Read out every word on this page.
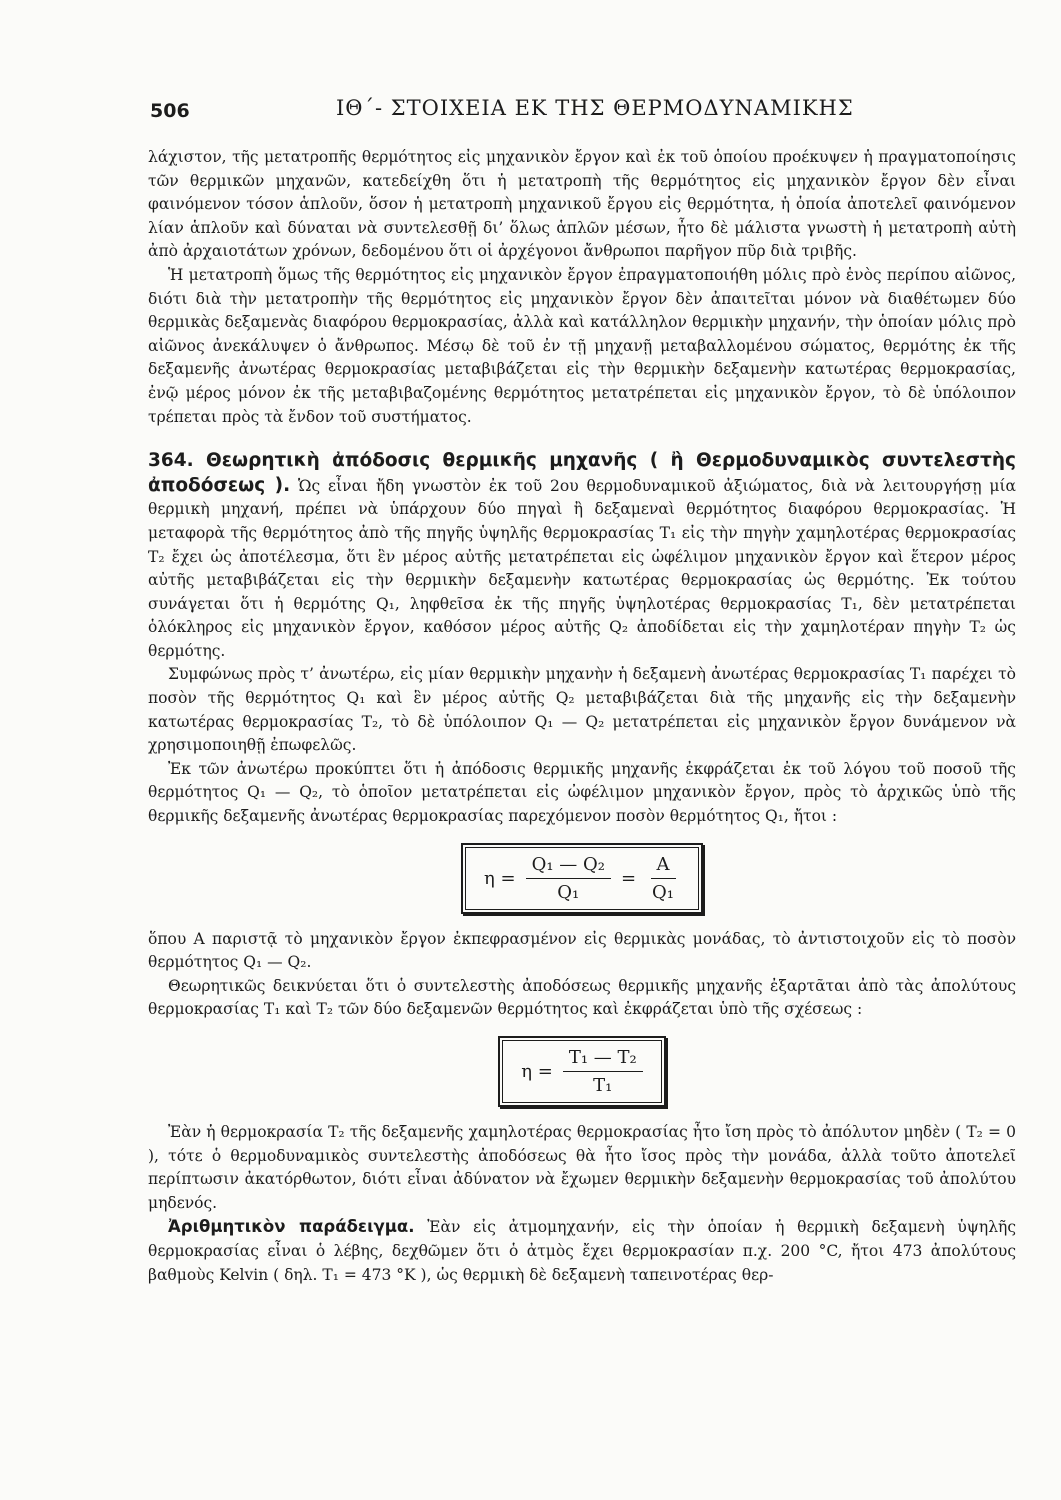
506	ΙΘ΄- ΣΤΟΙΧΕΙΑ ΕΚ ΤΗΣ ΘΕΡΜΟΔΥΝΑΜΙΚΗΣ

λάχιστον, τῆς μετατροπῆς θερμότητος εἰς μηχανικὸν ἔργον καὶ ἐκ τοῦ ὁποίου προέκυψεν ἡ πραγματοποίησις τῶν θερμικῶν μηχανῶν, κατεδείχθη ὅτι ἡ μετατροπὴ τῆς θερμότητος εἰς μηχανικὸν ἔργον δὲν εἶναι φαινόμενον τόσον ἁπλοῦν, ὅσον ἡ μετατροπὴ μηχανικοῦ ἔργου εἰς θερμότητα, ἡ ὁποία ἀποτελεῖ φαινόμενον λίαν ἁπλοῦν καὶ δύναται νὰ συντελεσθῇ δι’ ὅλως ἁπλῶν μέσων, ἦτο δὲ μάλιστα γνωστὴ ἡ μετατροπὴ αὐτὴ ἀπὸ ἀρχαιοτάτων χρόνων, δεδομένου ὅτι οἱ ἀρχέγονοι ἄνθρωποι παρῆγον πῦρ διὰ τριβῆς.

Ἡ μετατροπὴ ὅμως τῆς θερμότητος εἰς μηχανικὸν ἔργον ἐπραγματοποιήθη μόλις πρὸ ἑνὸς περίπου αἰῶνος, διότι διὰ τὴν μετατροπὴν τῆς θερμότητος εἰς μηχανικὸν ἔργον δὲν ἀπαιτεῖται μόνον νὰ διαθέτωμεν δύο θερμικὰς δεξαμενὰς διαφόρου θερμοκρασίας, ἀλλὰ καὶ κατάλληλον θερμικὴν μηχανήν, τὴν ὁποίαν μόλις πρὸ αἰῶνος ἀνεκάλυψεν ὁ ἄνθρωπος. Μέσῳ δὲ τοῦ ἐν τῇ μηχανῇ μεταβαλλομένου σώματος, θερμότης ἐκ τῆς δεξαμενῆς ἀνωτέρας θερμοκρασίας μεταβιβάζεται εἰς τὴν θερμικὴν δεξαμενὴν κατωτέρας θερμοκρασίας, ἐνῷ μέρος μόνον ἐκ τῆς μεταβιβαζομένης θερμότητος μετατρέπεται εἰς μηχανικὸν ἔργον, τὸ δὲ ὑπόλοιπον τρέπεται πρὸς τὰ ἔνδον τοῦ συστήματος.

364. Θεωρητικὴ ἀπόδοσις θερμικῆς μηχανῆς ( ἢ Θερμοδυναμικὸς συντελεστὴς ἀποδόσεως ). Ὡς εἶναι ἤδη γνωστὸν ἐκ τοῦ 2ου θερμοδυναμικοῦ ἀξιώματος, διὰ νὰ λειτουργήσῃ μία θερμικὴ μηχανή, πρέπει νὰ ὑπάρχουν δύο πηγαὶ ἢ δεξαμεναὶ θερμότητος διαφόρου θερμοκρασίας. Ἡ μεταφορὰ τῆς θερμότητος ἀπὸ τῆς πηγῆς ὑψηλῆς θερμοκρασίας T₁ εἰς τὴν πηγὴν χαμηλοτέρας θερμοκρασίας T₂ ἔχει ὡς ἀποτέλεσμα, ὅτι ἓν μέρος αὐτῆς μετατρέπεται εἰς ὠφέλιμον μηχανικὸν ἔργον καὶ ἕτερον μέρος αὐτῆς μεταβιβάζεται εἰς τὴν θερμικὴν δεξαμενὴν κατωτέρας θερμοκρασίας ὡς θερμότης. Ἐκ τούτου συνάγεται ὅτι ἡ θερμότης Q₁, ληφθεῖσα ἐκ τῆς πηγῆς ὑψηλοτέρας θερμοκρασίας T₁, δὲν μετατρέπεται ὁλόκληρος εἰς μηχανικὸν ἔργον, καθόσον μέρος αὐτῆς Q₂ ἀποδίδεται εἰς τὴν χαμηλοτέραν πηγὴν T₂ ὡς θερμότης.

Συμφώνως πρὸς τ’ ἀνωτέρω, εἰς μίαν θερμικὴν μηχανὴν ἡ δεξαμενὴ ἀνωτέρας θερμοκρασίας T₁ παρέχει τὸ ποσὸν τῆς θερμότητος Q₁ καὶ ἓν μέρος αὐτῆς Q₂ μεταβιβάζεται διὰ τῆς μηχανῆς εἰς τὴν δεξαμενὴν κατωτέρας θερμοκρασίας T₂, τὸ δὲ ὑπόλοιπον Q₁ — Q₂ μετατρέπεται εἰς μηχανικὸν ἔργον δυνάμενον νὰ χρησιμοποιηθῇ ἐπωφελῶς.

Ἐκ τῶν ἀνωτέρω προκύπτει ὅτι ἡ ἀπόδοσις θερμικῆς μηχανῆς ἐκφράζεται ἐκ τοῦ λόγου τοῦ ποσοῦ τῆς θερμότητος Q₁ — Q₂, τὸ ὁποῖον μετατρέπεται εἰς ὠφέλιμον μηχανικὸν ἔργον, πρὸς τὸ ἀρχικῶς ὑπὸ τῆς θερμικῆς δεξαμενῆς ἀνωτέρας θερμοκρασίας παρεχόμενον ποσὸν θερμότητος Q₁, ἤτοι :

$\eta = \frac{\text{Q₁ — Q₂}}{\text{Q₁}} = \frac{A}{\text{Q₁}}$

ὅπου A παριστᾷ τὸ μηχανικὸν ἔργον ἐκπεφρασμένον εἰς θερμικὰς μονάδας, τὸ ἀντιστοιχοῦν εἰς τὸ ποσὸν θερμότητος Q₁ — Q₂.

Θεωρητικῶς δεικνύεται ὅτι ὁ συντελεστὴς ἀποδόσεως θερμικῆς μηχανῆς ἐξαρτᾶται ἀπὸ τὰς ἀπολύτους θερμοκρασίας T₁ καὶ T₂ τῶν δύο δεξαμενῶν θερμότητος καὶ ἐκφράζεται ὑπὸ τῆς σχέσεως :

$\eta = \frac{\text{T₁ — T₂}}{\text{T₁}}$

Ἐὰν ἡ θερμοκρασία T₂ τῆς δεξαμενῆς χαμηλοτέρας θερμοκρασίας ἦτο ἴση πρὸς τὸ ἀπόλυτον μηδὲν ( T₂ = 0 ), τότε ὁ θερμοδυναμικὸς συντελεστὴς ἀποδόσεως θὰ ἦτο ἴσος πρὸς τὴν μονάδα, ἀλλὰ τοῦτο ἀποτελεῖ περίπτωσιν ἀκατόρθωτον, διότι εἶναι ἀδύνατον νὰ ἔχωμεν θερμικὴν δεξαμενὴν θερμοκρασίας τοῦ ἀπολύτου μηδενός.

Ἀριθμητικὸν παράδειγμα. Ἐὰν εἰς ἀτμομηχανήν, εἰς τὴν ὁποίαν ἡ θερμικὴ δεξαμενὴ ὑψηλῆς θερμοκρασίας εἶναι ὁ λέβης, δεχθῶμεν ὅτι ὁ ἀτμὸς ἔχει θερμοκρασίαν π.χ. 200 °C, ἤτοι 473 ἀπολύτους βαθμοὺς Kelvin ( δηλ. T₁ = 473 °K ), ὡς θερμικὴ δὲ δεξαμενὴ ταπεινοτέρας θερ-
